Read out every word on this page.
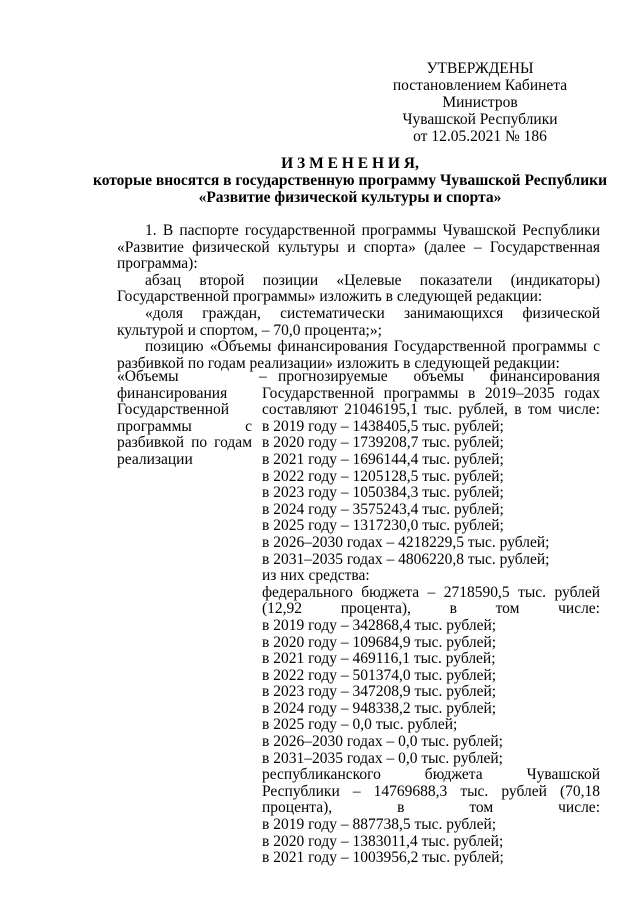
УТВЕРЖДЕНЫ
постановлением Кабинета Министров
Чувашской Республики
от 12.05.2021 № 186
И З М Е Н Е Н И Я,
которые вносятся в государственную программу Чувашской Республики
«Развитие физической культуры и спорта»

1. В паспорте государственной программы Чувашской Республики «Развитие физической культуры и спорта» (далее – Государственная программа):

абзац второй позиции «Целевые показатели (индикаторы) Государственной программы» изложить в следующей редакции:

«доля граждан, систематически занимающихся физической культурой и спортом, – 70,0 процента;»;

позицию «Объемы финансирования Государственной программы с разбивкой по годам реализации» изложить в следующей редакции:

«Объемы финансирования Государственной программы с разбивкой по годам реализации
– прогнозируемые объемы финансирования Государственной программы в 2019–2035 годах составляют 21046195,1 тыс. рублей, в том числе:
в 2019 году – 1438405,5 тыс. рублей;
в 2020 году – 1739208,7 тыс. рублей;
в 2021 году – 1696144,4 тыс. рублей;
в 2022 году – 1205128,5 тыс. рублей;
в 2023 году – 1050384,3 тыс. рублей;
в 2024 году – 3575243,4 тыс. рублей;
в 2025 году – 1317230,0 тыс. рублей;
в 2026–2030 годах – 4218229,5 тыс. рублей;
в 2031–2035 годах – 4806220,8 тыс. рублей;
из них средства:
федерального бюджета – 2718590,5 тыс. рублей (12,92 процента), в том числе:
в 2019 году – 342868,4 тыс. рублей;
в 2020 году – 109684,9 тыс. рублей;
в 2021 году – 469116,1 тыс. рублей;
в 2022 году – 501374,0 тыс. рублей;
в 2023 году – 347208,9 тыс. рублей;
в 2024 году – 948338,2 тыс. рублей;
в 2025 году – 0,0 тыс. рублей;
в 2026–2030 годах – 0,0 тыс. рублей;
в 2031–2035 годах – 0,0 тыс. рублей;
республиканского бюджета Чувашской Республики – 14769688,3 тыс. рублей (70,18 процента), в том числе:
в 2019 году – 887738,5 тыс. рублей;
в 2020 году – 1383011,4 тыс. рублей;
в 2021 году – 1003956,2 тыс. рублей;
